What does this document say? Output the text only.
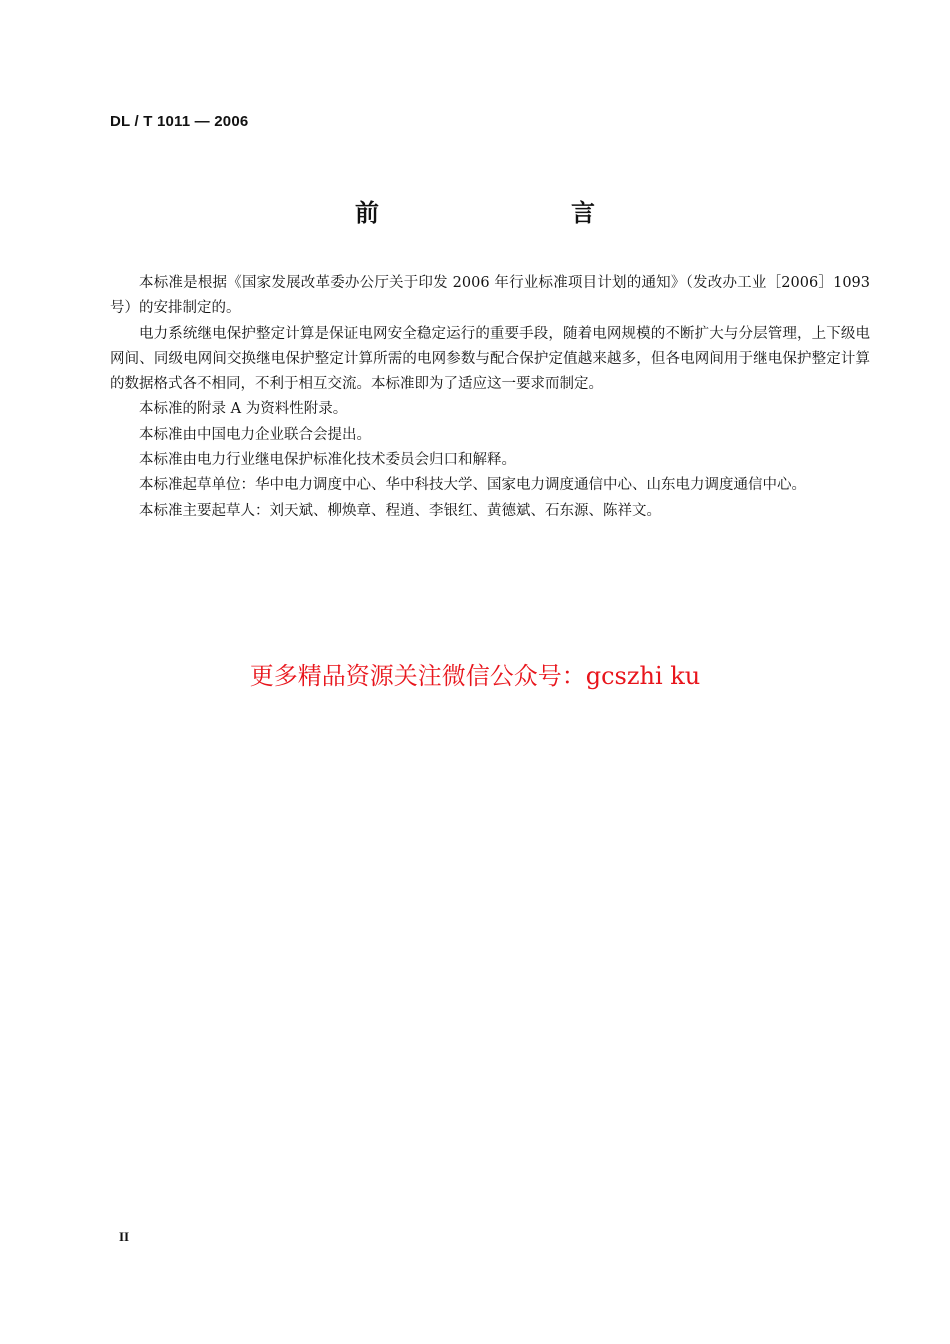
DL / T 1011 — 2006
前　　言

本标准是根据《国家发展改革委办公厅关于印发 2006 年行业标准项目计划的通知》（发改办工业［2006］1093 号）的安排制定的。

电力系统继电保护整定计算是保证电网安全稳定运行的重要手段，随着电网规模的不断扩大与分层管理，上下级电网间、同级电网间交换继电保护整定计算所需的电网参数与配合保护定值越来越多，但各电网间用于继电保护整定计算的数据格式各不相同，不利于相互交流。本标准即为了适应这一要求而制定。

本标准的附录 A 为资料性附录。

本标准由中国电力企业联合会提出。

本标准由电力行业继电保护标准化技术委员会归口和解释。

本标准起草单位：华中电力调度中心、华中科技大学、国家电力调度通信中心、山东电力调度通信中心。

本标准主要起草人：刘天斌、柳焕章、程逍、李银红、黄德斌、石东源、陈祥文。

更多精品资源关注微信公众号：gcszhi ku
II
